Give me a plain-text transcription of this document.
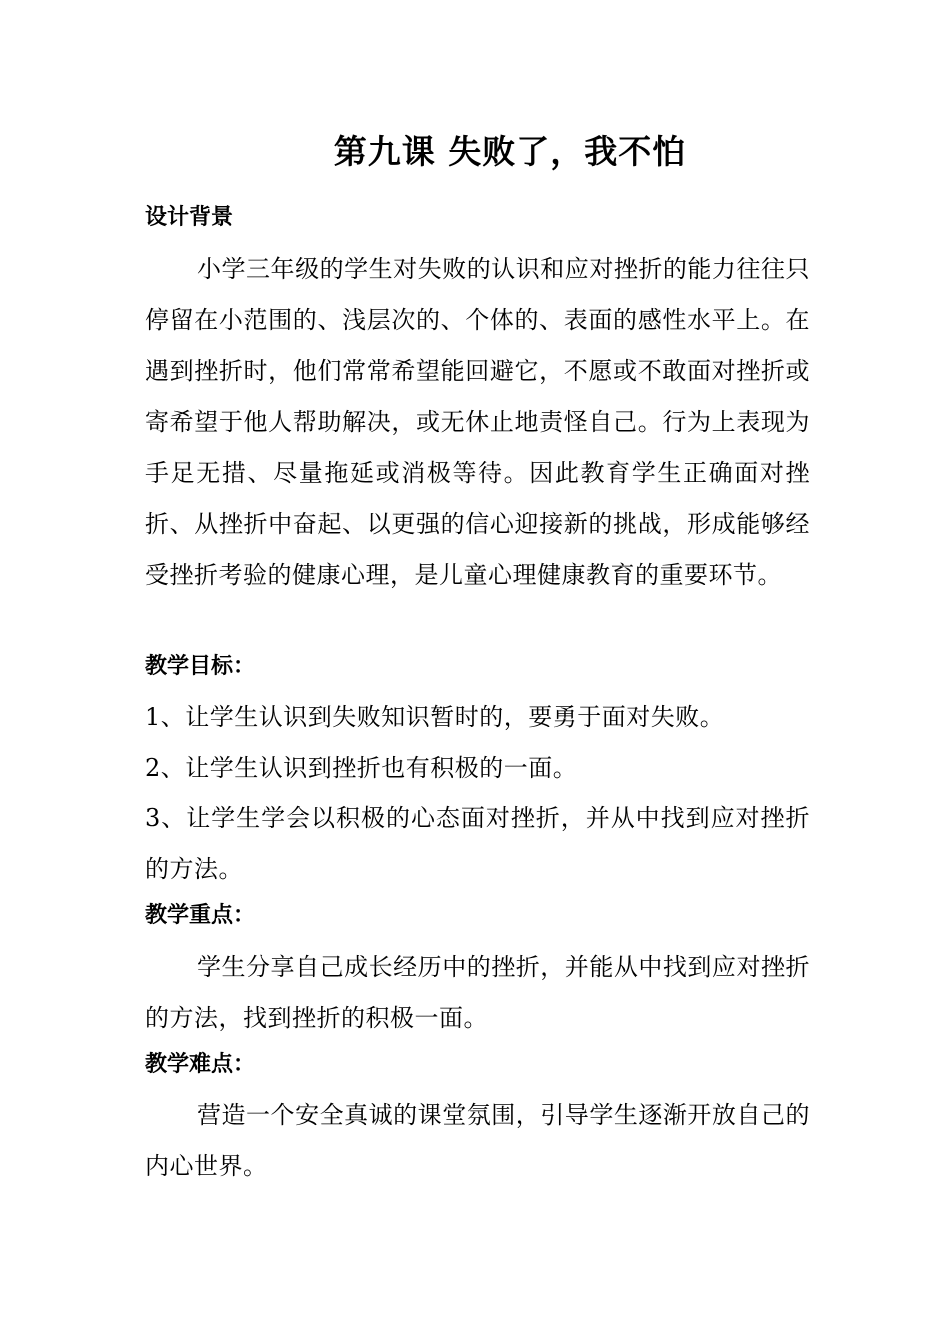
第九课 失败了，我不怕
设计背景

小学三年级的学生对失败的认识和应对挫折的能力往往只停留在小范围的、浅层次的、个体的、表面的感性水平上。在遇到挫折时，他们常常希望能回避它，不愿或不敢面对挫折或寄希望于他人帮助解决，或无休止地责怪自己。行为上表现为手足无措、尽量拖延或消极等待。因此教育学生正确面对挫折、从挫折中奋起、以更强的信心迎接新的挑战，形成能够经受挫折考验的健康心理，是儿童心理健康教育的重要环节。

教学目标：

1、让学生认识到失败知识暂时的，要勇于面对失败。

2、让学生认识到挫折也有积极的一面。

3、让学生学会以积极的心态面对挫折，并从中找到应对挫折的方法。

教学重点：

学生分享自己成长经历中的挫折，并能从中找到应对挫折的方法，找到挫折的积极一面。

教学难点：

营造一个安全真诚的课堂氛围，引导学生逐渐开放自己的内心世界。
